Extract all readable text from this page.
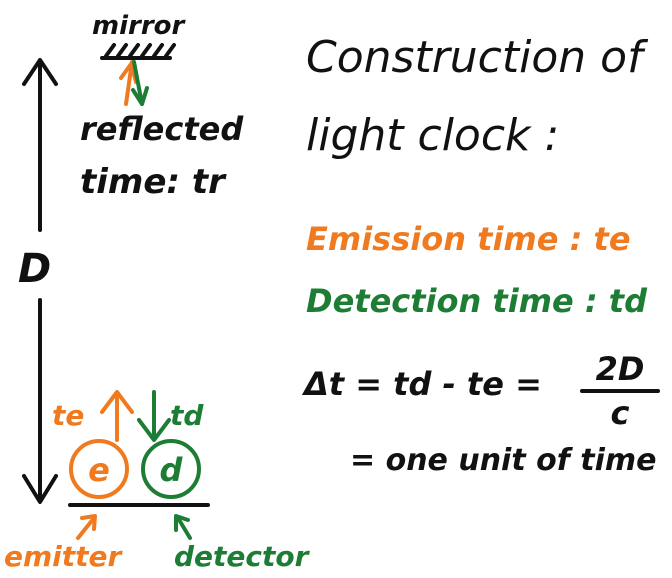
mirror
reflected
time: tr
D
te	td
e d
emitter detector
Construction of
light clock :
Emission time : te
Detection time : td
Δt = td - te = 2D
c
= one unit of time
